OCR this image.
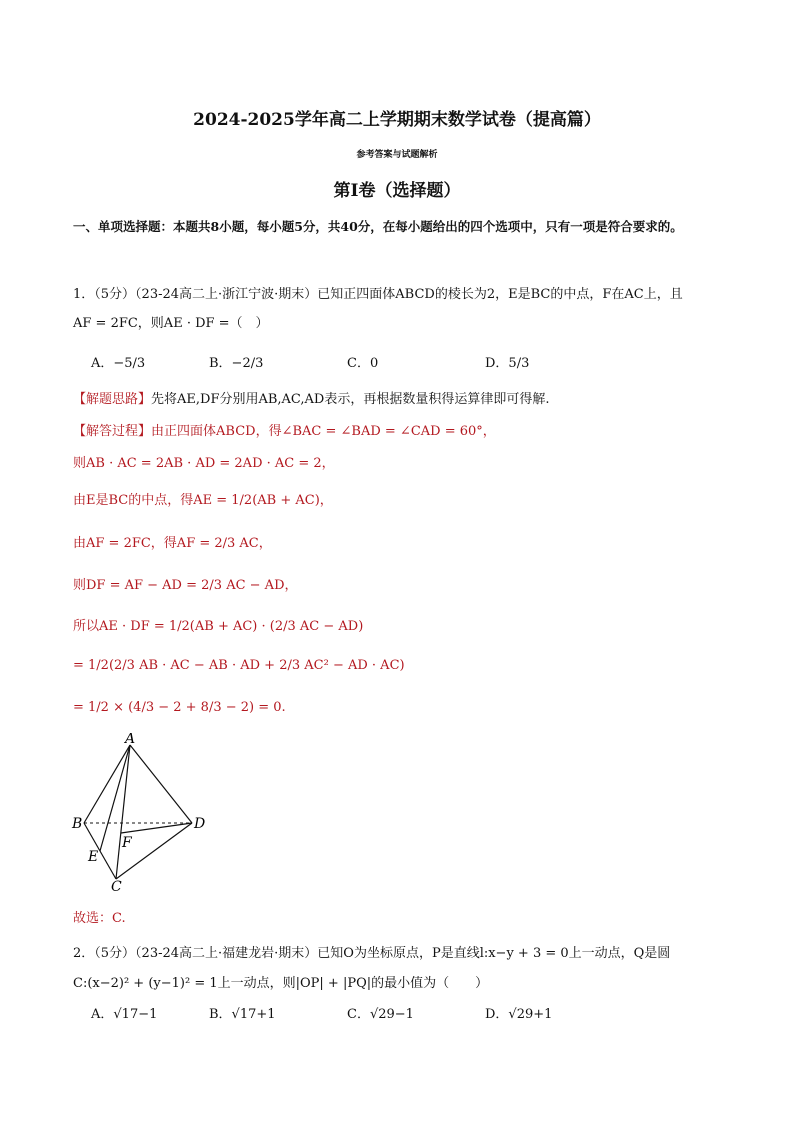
2024-2025学年高二上学期期末数学试卷（提高篇）
参考答案与试题解析
第I卷（选择题）
一、单项选择题：本题共8小题，每小题5分，共40分，在每小题给出的四个选项中，只有一项是符合要求的。
1．（5分）（23-24高二上·浙江宁波·期末）已知正四面体ABCD的棱长为2，E是BC的中点，F在AC上，且
AF = 2FC，则AE · DF =（　）
A．−5/3	B．−2/3	C．0	D．5/3
【解题思路】先将AE,DF分别用AB,AC,AD表示，再根据数量积得运算律即可得解.
【解答过程】由正四面体ABCD，得∠BAC = ∠BAD = ∠CAD = 60°，
则AB · AC = 2AB · AD = 2AD · AC = 2，
由E是BC的中点，得AE = 1/2(AB + AC)，
由AF = 2FC，得AF = 2/3 AC，
则DF = AF − AD = 2/3 AC − AD，
所以AE · DF = 1/2(AB + AC) · (2/3 AC − AD)
= 1/2(2/3 AB · AC − AB · AD + 2/3 AC² − AD · AC)
= 1/2 × (4/3 − 2 + 8/3 − 2) = 0.
A
B	D
F
E
C
故选：C.
2．（5分）（23-24高二上·福建龙岩·期末）已知O为坐标原点，P是直线l:x−y + 3 = 0上一动点，Q是圆
C:(x−2)² + (y−1)² = 1上一动点，则|OP| + |PQ|的最小值为（　　）
A．√17−1	B．√17+1	C．√29−1	D．√29+1
